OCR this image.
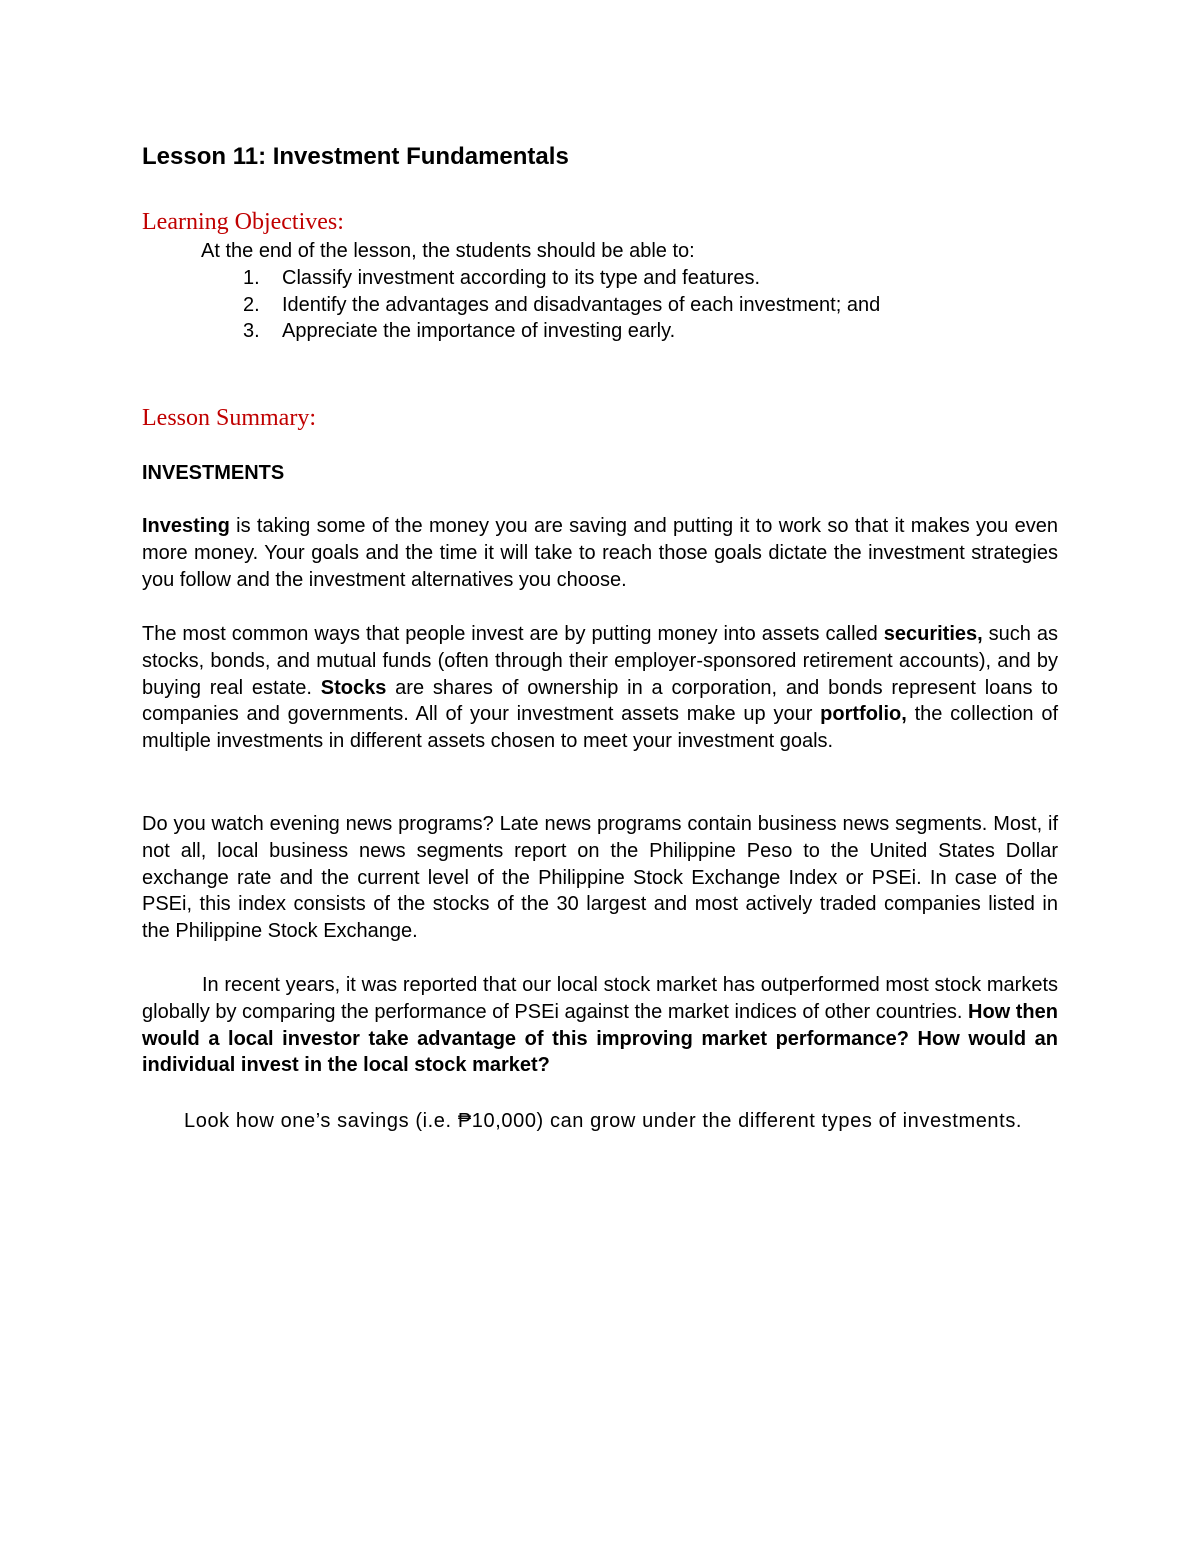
Lesson 11: Investment Fundamentals
Learning Objectives:
At the end of the lesson, the students should be able to:
1. Classify investment according to its type and features.
2. Identify the advantages and disadvantages of each investment; and
3. Appreciate the importance of investing early.
Lesson Summary:
INVESTMENTS

Investing is taking some of the money you are saving and putting it to work so that it makes you even more money. Your goals and the time it will take to reach those goals dictate the investment strategies you follow and the investment alternatives you choose.

The most common ways that people invest are by putting money into assets called securities, such as stocks, bonds, and mutual funds (often through their employer-sponsored retirement accounts), and by buying real estate. Stocks are shares of ownership in a corporation, and bonds represent loans to companies and governments. All of your investment assets make up your portfolio, the collection of multiple investments in different assets chosen to meet your investment goals.

Do you watch evening news programs? Late news programs contain business news segments. Most, if not all, local business news segments report on the Philippine Peso to the United States Dollar exchange rate and the current level of the Philippine Stock Exchange Index or PSEi. In case of the PSEi, this index consists of the stocks of the 30 largest and most actively traded companies listed in the Philippine Stock Exchange.

In recent years, it was reported that our local stock market has outperformed most stock markets globally by comparing the performance of PSEi against the market indices of other countries. How then would a local investor take advantage of this improving market performance? How would an individual invest in the local stock market?

Look how one’s savings (i.e. ₱10,000) can grow under the different types of investments.
